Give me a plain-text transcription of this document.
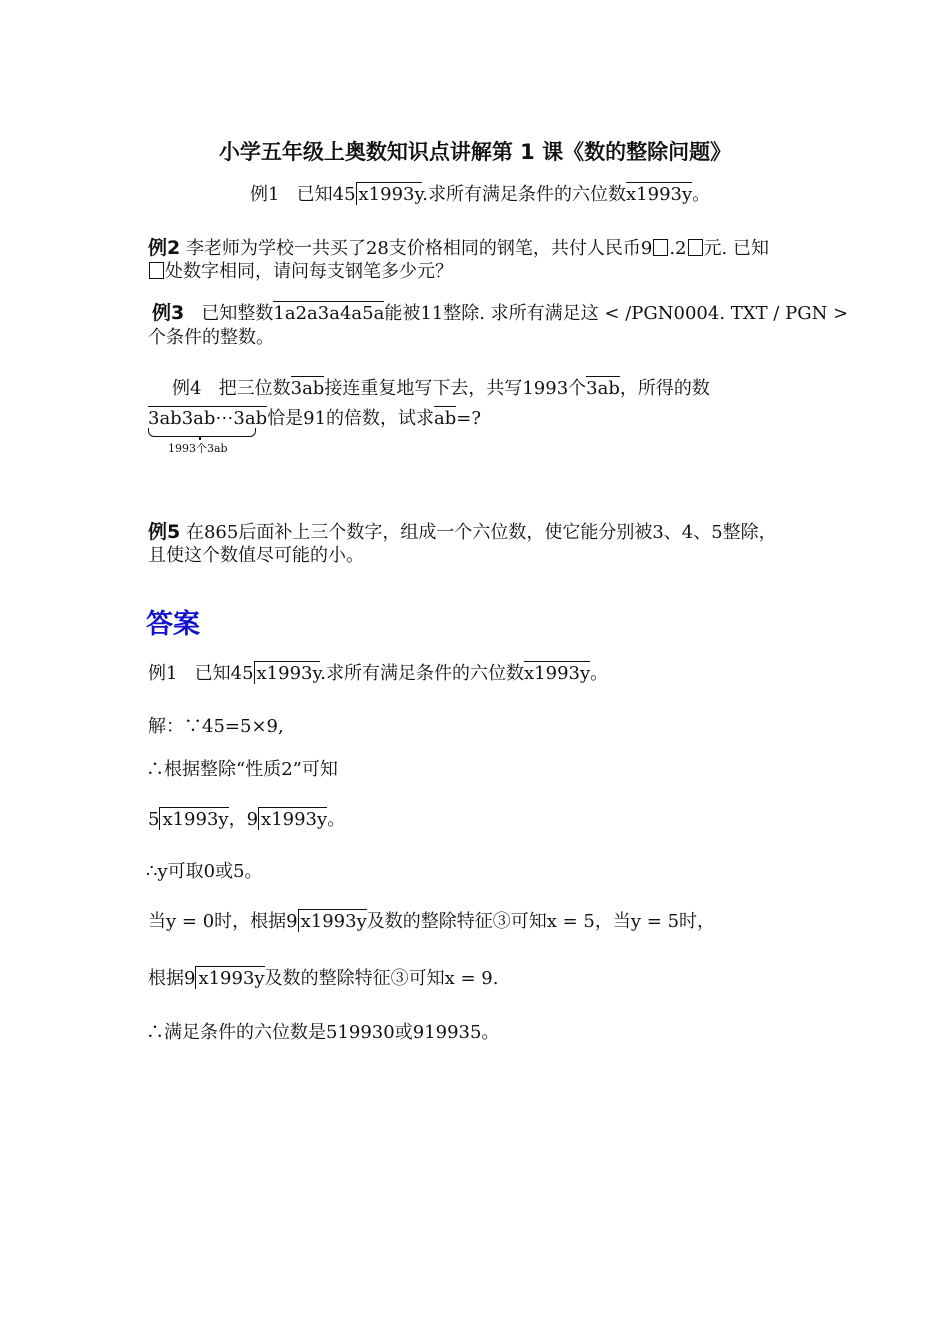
小学五年级上奥数知识点讲解第 1 课《数的整除问题》
例1 已知45 x1993y.求所有满足条件的六位数x1993y。
例2 李老师为学校一共买了28支价格相同的钢笔，共付人民币9 .2 元. 已知
处数字相同，请问每支钢笔多少元？
例3 已知整数1a2a3a4a5a能被11整除. 求所有满足这 < /PGN0004. TXT / PGN >
个条件的整数。
例4 把三位数3ab接连重复地写下去，共写1993个3ab，所得的数
3ab3ab⋯3ab恰是91的倍数，试求ab=?
1993个3ab
例5 在865后面补上三个数字，组成一个六位数，使它能分别被3、4、5整除，
且使这个数值尽可能的小。
答案
例1 已知45 x1993y.求所有满足条件的六位数x1993y。
解：∵45=5×9,
∴根据整除“性质2”可知
5 x1993y，9 x1993y。
∴y可取0或5。
当y = 0时，根据9 x1993y及数的整除特征③可知x = 5，当y = 5时，
根据9 x1993y及数的整除特征③可知x = 9.
∴满足条件的六位数是519930或919935。
